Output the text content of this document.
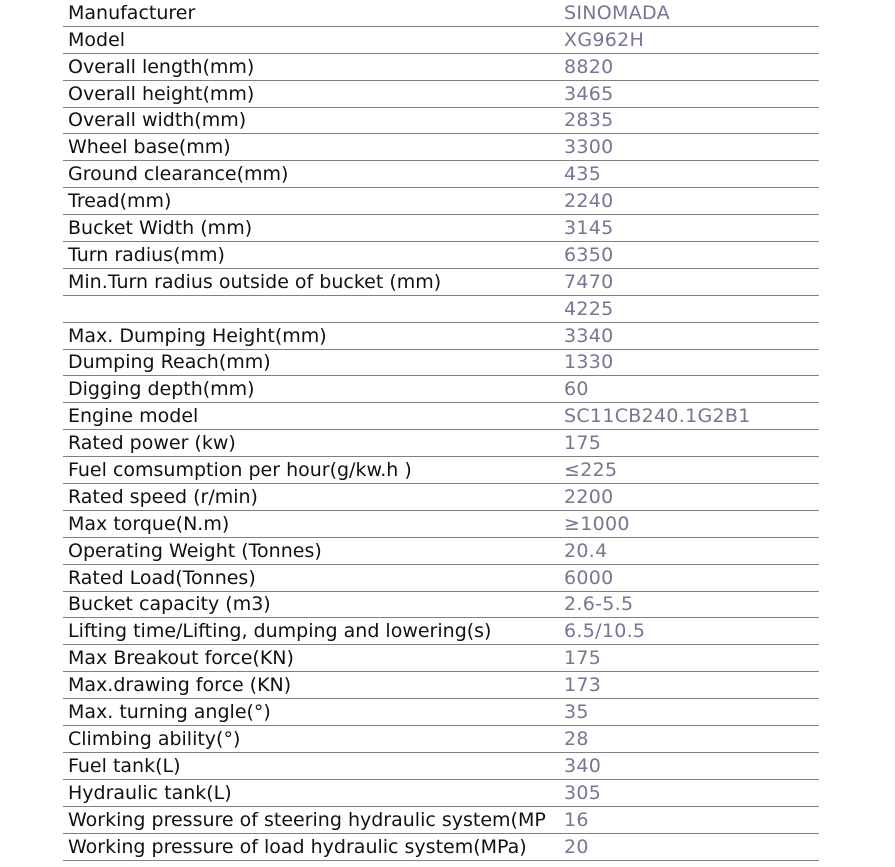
Manufacturer	SINOMADA
Model	XG962H
Overall length(mm)	8820
Overall height(mm)	3465
Overall width(mm)	2835
Wheel base(mm)	3300
Ground clearance(mm)	435
Tread(mm)	2240
Bucket Width (mm)	3145
Turn radius(mm)	6350
Min.Turn radius outside of bucket (mm)	7470
	4225
Max. Dumping Height(mm)	3340
Dumping Reach(mm)	1330
Digging depth(mm)	60
Engine model	SC11CB240.1G2B1
Rated power (kw)	175
Fuel comsumption per hour(g/kw.h )	≤225
Rated speed (r/min)	2200
Max torque(N.m)	≥1000
Operating Weight (Tonnes)	20.4
Rated Load(Tonnes)	6000
Bucket capacity (m3)	2.6-5.5
Lifting time/Lifting, dumping and lowering(s)	6.5/10.5
Max Breakout force(KN)	175
Max.drawing force (KN)	173
Max. turning angle(°)	35
Climbing ability(°)	28
Fuel tank(L)	340
Hydraulic tank(L)	305
Working pressure of steering hydraulic system(MP	16
Working pressure of load hydraulic system(MPa)	20
